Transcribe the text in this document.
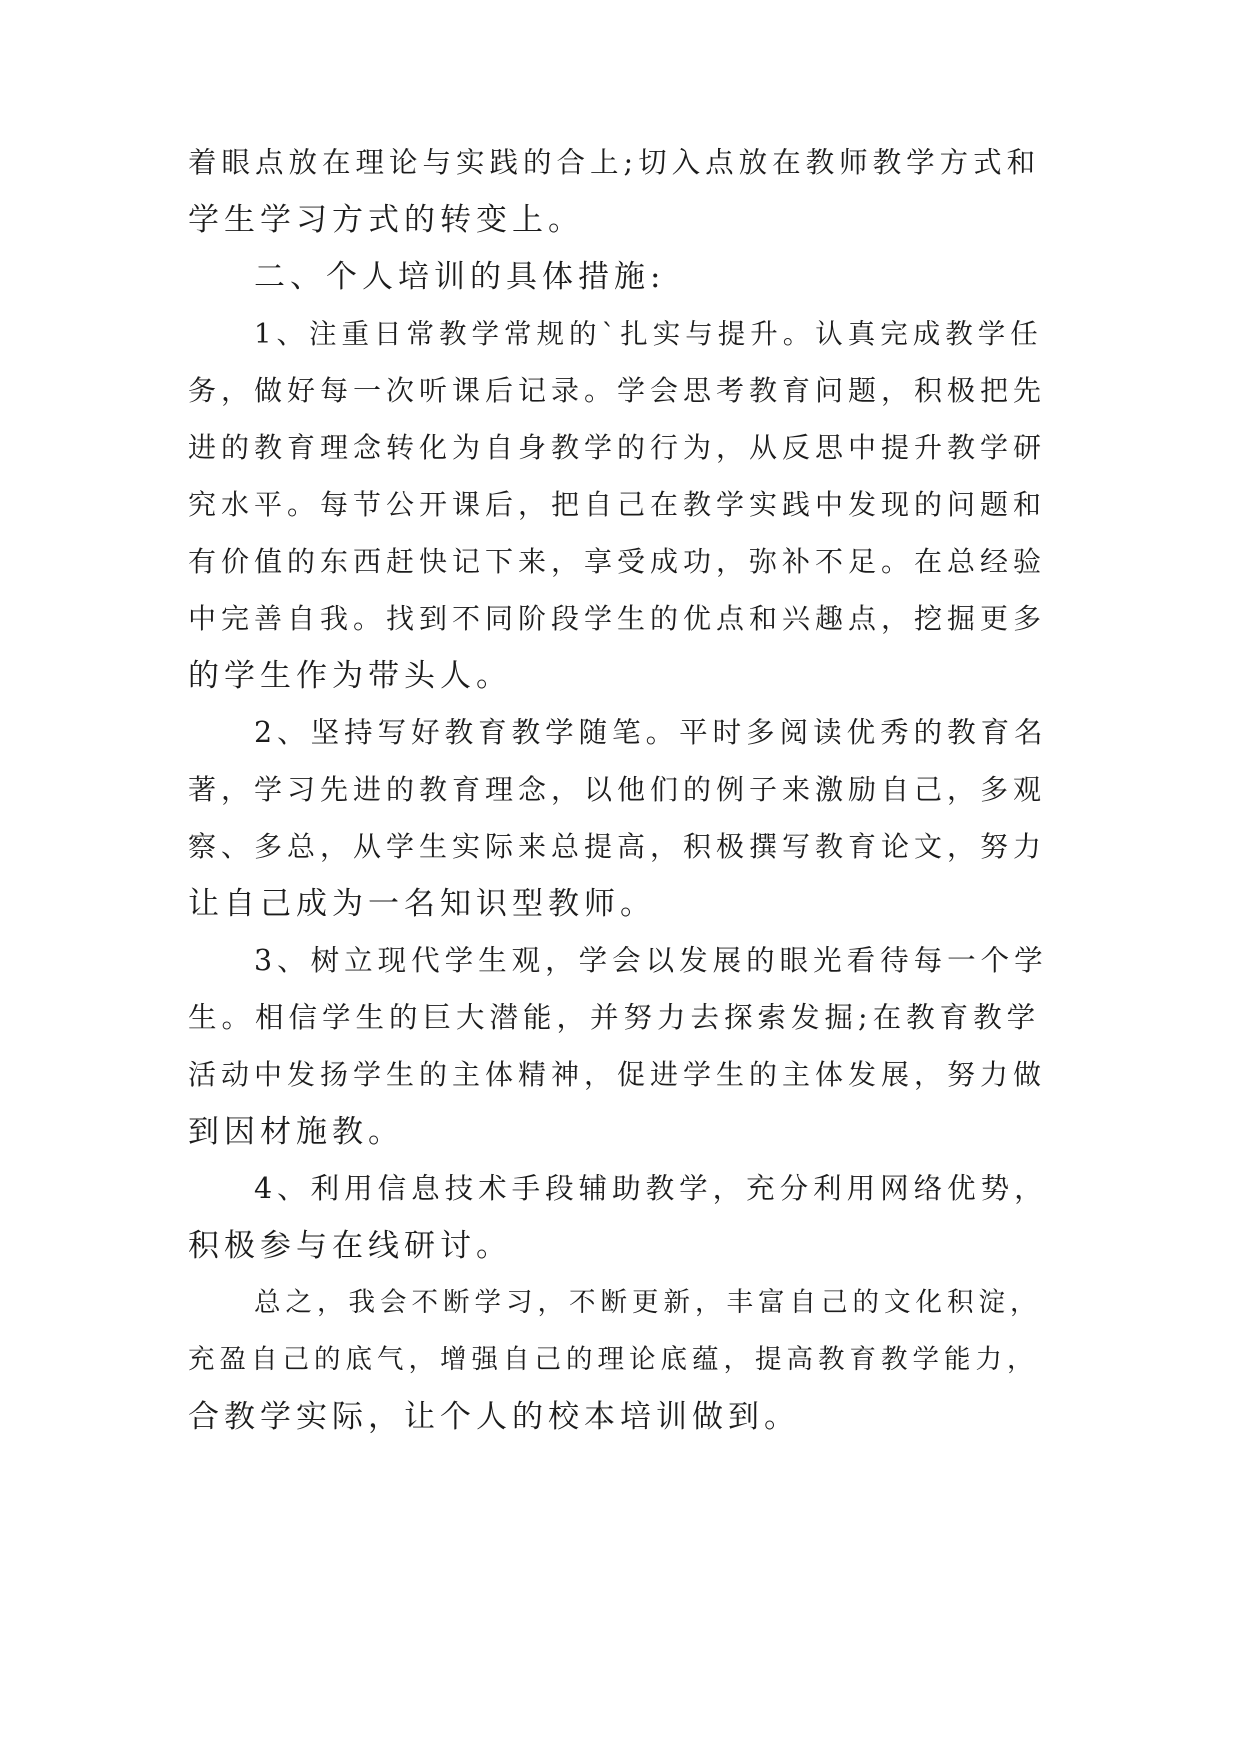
着眼点放在理论与实践的合上;切入点放在教师教学方式和
学生学习方式的转变上。
二、个人培训的具体措施:
1、注重日常教学常规的`扎实与提升。认真完成教学任
务，做好每一次听课后记录。学会思考教育问题，积极把先
进的教育理念转化为自身教学的行为，从反思中提升教学研
究水平。每节公开课后，把自己在教学实践中发现的问题和
有价值的东西赶快记下来，享受成功，弥补不足。在总经验
中完善自我。找到不同阶段学生的优点和兴趣点，挖掘更多
的学生作为带头人。
2、坚持写好教育教学随笔。平时多阅读优秀的教育名
著，学习先进的教育理念，以他们的例子来激励自己，多观
察、多总，从学生实际来总提高，积极撰写教育论文，努力
让自己成为一名知识型教师。
3、树立现代学生观，学会以发展的眼光看待每一个学
生。相信学生的巨大潜能，并努力去探索发掘;在教育教学
活动中发扬学生的主体精神，促进学生的主体发展，努力做
到因材施教。
4、利用信息技术手段辅助教学，充分利用网络优势，
积极参与在线研讨。
总之，我会不断学习，不断更新，丰富自己的文化积淀，
充盈自己的底气，增强自己的理论底蕴，提高教育教学能力，
合教学实际，让个人的校本培训做到。
